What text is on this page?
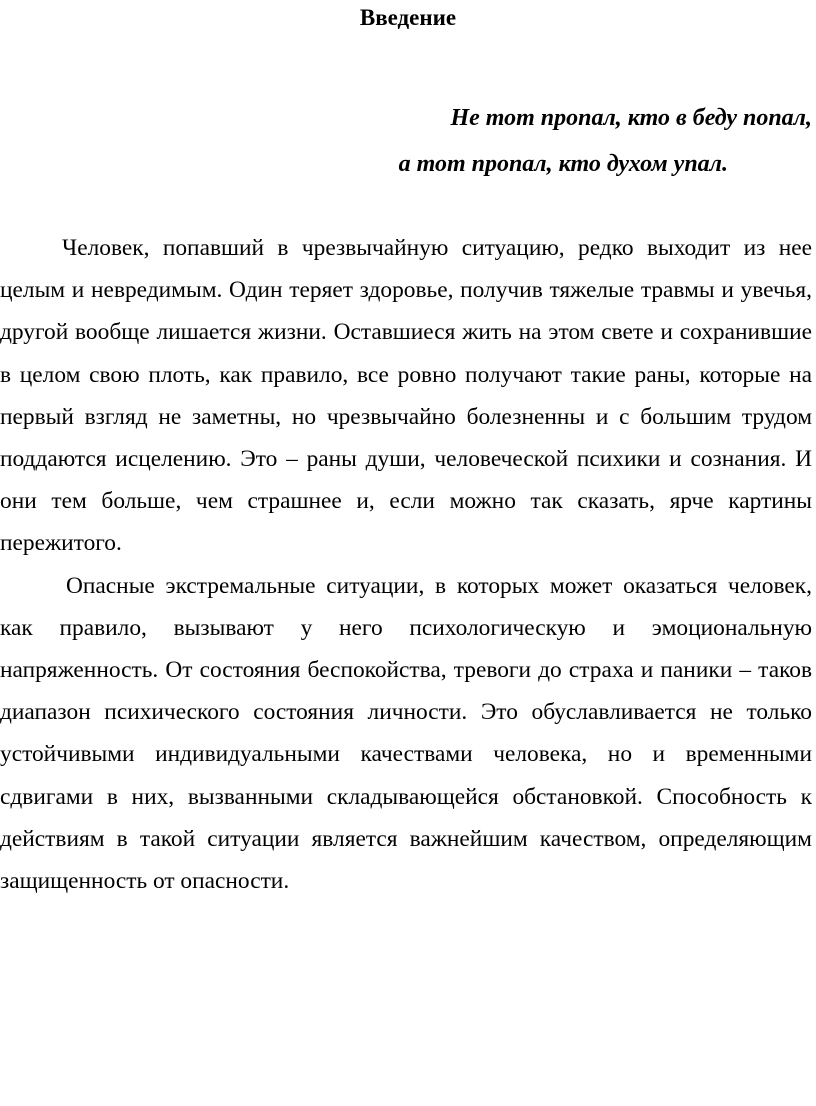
Введение
Не тот пропал, кто в беду попал,
а тот пропал, кто духом упал.

Человек, попавший в чрезвычайную ситуацию, редко выходит из нее целым и невредимым. Один теряет здоровье, получив тяжелые травмы и увечья, другой вообще лишается жизни. Оставшиеся жить на этом свете и сохранившие в целом свою плоть, как правило, все ровно получают такие раны, которые на первый взгляд не заметны, но чрезвычайно болезненны и с большим трудом поддаются исцелению. Это – раны души, человеческой психики и сознания. И они тем больше, чем страшнее и, если можно так сказать, ярче картины пережитого.

Опасные экстремальные ситуации, в которых может оказаться человек, как правило, вызывают у него психологическую и эмоциональную напряженность. От состояния беспокойства, тревоги до страха и паники – таков диапазон психического состояния личности. Это обуславливается не только устойчивыми индивидуальными качествами человека, но и временными сдвигами в них, вызванными складывающейся обстановкой. Способность к действиям в такой ситуации является важнейшим качеством, определяющим защищенность от опасности.
